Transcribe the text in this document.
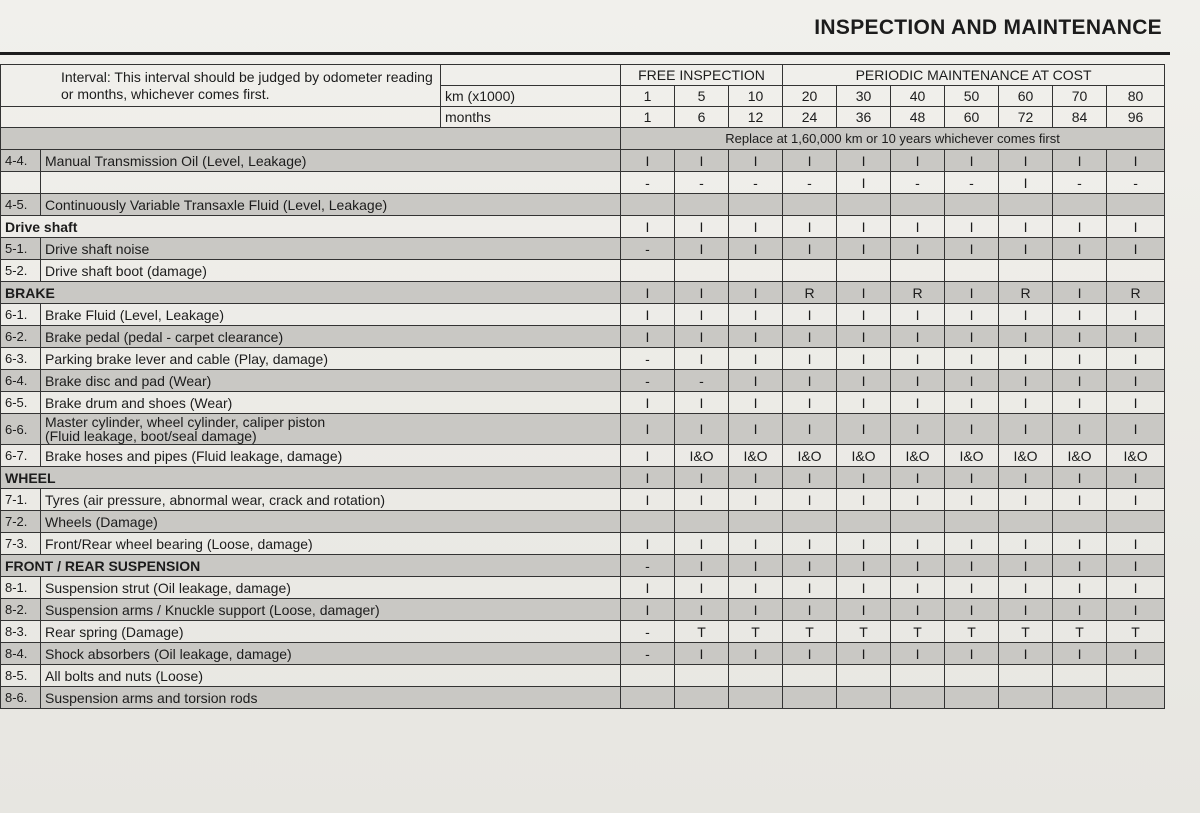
INSPECTION AND MAINTENANCE
Interval: This interval should be judged by odometer reading
or months, whichever comes first.			FREE INSPECTION			PERIODIC MAINTENANCE AT COST						
		km (x1000)	1	5	10	20	30	40	50	60	70	80
		months	1	6	12	24	36	48	60	72	84	96
			Replace at 1,60,000 km or 10 years whichever comes first									
4-4.	Manual Transmission Oil (Level, Leakage)		I	I	I	I	I	I	I	I	I	I
			-	-	-	-	I	-	-	I	-	-
4-5.	Continuously Variable Transaxle Fluid (Level, Leakage)											
Drive shaft			I	I	I	I	I	I	I	I	I	I
5-1.	Drive shaft noise		-	I	I	I	I	I	I	I	I	I
5-2.	Drive shaft boot (damage)											
BRAKE			I	I	I	R	I	R	I	R	I	R
6-1.	Brake Fluid (Level, Leakage)		I	I	I	I	I	I	I	I	I	I
6-2.	Brake pedal (pedal - carpet clearance)		I	I	I	I	I	I	I	I	I	I
6-3.	Parking brake lever and cable (Play, damage)		-	I	I	I	I	I	I	I	I	I
6-4.	Brake disc and pad (Wear)		-	-	I	I	I	I	I	I	I	I
6-5.	Brake drum and shoes (Wear)		I	I	I	I	I	I	I	I	I	I
6-6.	Master cylinder, wheel cylinder, caliper piston
(Fluid leakage, boot/seal damage)		I	I	I	I	I	I	I	I	I	I
6-7.	Brake hoses and pipes (Fluid leakage, damage)		I	I&O	I&O	I&O	I&O	I&O	I&O	I&O	I&O	I&O
WHEEL			I	I	I	I	I	I	I	I	I	I
7-1.	Tyres (air pressure, abnormal wear, crack and rotation)		I	I	I	I	I	I	I	I	I	I
7-2.	Wheels (Damage)											
7-3.	Front/Rear wheel bearing (Loose, damage)		I	I	I	I	I	I	I	I	I	I
FRONT / REAR SUSPENSION			-	I	I	I	I	I	I	I	I	I
8-1.	Suspension strut (Oil leakage, damage)		I	I	I	I	I	I	I	I	I	I
8-2.	Suspension arms / Knuckle support (Loose, damager)		I	I	I	I	I	I	I	I	I	I
8-3.	Rear spring (Damage)		-	T	T	T	T	T	T	T	T	T
8-4.	Shock absorbers (Oil leakage, damage)		-	I	I	I	I	I	I	I	I	I
8-5.	All bolts and nuts (Loose)											
8-6.	Suspension arms and torsion rods											
